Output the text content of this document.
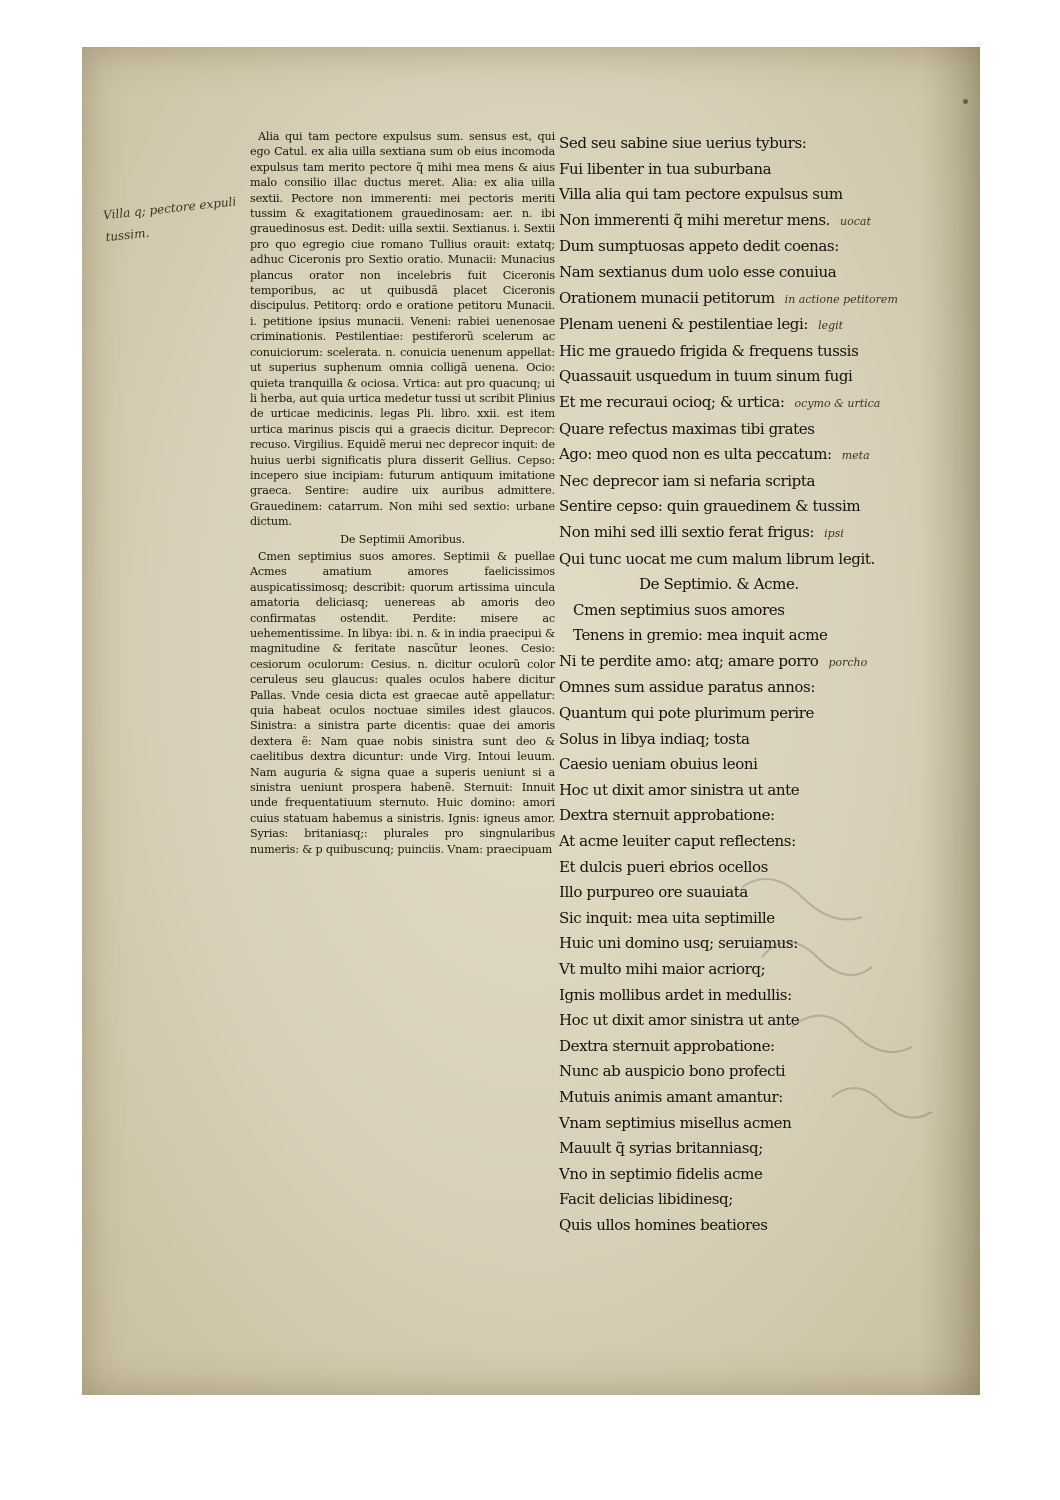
Villa q; pectore expuli tussim.

Alia qui tam pectore expulsus sum. sensus est, qui ego Catul. ex alia uilla sextiana sum ob eius incomoda expulsus tam merito pectore q̃ mihi mea mens & aius malo consilio illac ductus meret. Alia: ex alia uilla sextii. Pectore non immerenti: mei pectoris meriti tussim & exagitationem grauedinosam: aer. n. ibi grauedinosus est. Dedit: uilla sextii. Sextianus. i. Sextii pro quo egregio ciue romano Tullius orauit: extatq; adhuc Ciceronis pro Sextio oratio. Munacii: Munacius plancus orator non incelebris fuit Ciceronis temporibus, ac ut quibusdã placet Ciceronis discipulus. Petitorq: ordo e oratione petitoru Munacii. i. petitione ipsius munacii. Veneni: rabiei uenenosae criminationis. Pestilentiae: pestiferorũ scelerum ac conuiciorum: scelerata. n. conuicia uenenum appellat: ut superius suphenum omnia colligã uenena. Ocio: quieta tranquilla & ociosa. Vrtica: aut pro quacunq; ui li herba, aut quia urtica medetur tussi ut scribit Plinius de urticae medicinis. legas Pli. libro. xxii. est item urtica marinus piscis qui a graecis dicitur. Deprecor: recuso. Virgilius. Equidẽ merui nec deprecor inquit: de huius uerbi significatis plura disserit Gellius. Cepso: incepero siue incipiam: futurum antiquum imitatione graeca. Sentire: audire uix auribus admittere. Grauedinem: catarrum. Non mihi sed sextio: urbane dictum.

De Septimii Amoribus.

Cmen septimius suos amores. Septimii & puellae Acmes amatium amores faelicissimos auspicatissimosq; describit: quorum artissima uincula amatoria deliciasq; uenereas ab amoris deo confirmatas ostendit. Perdite: misere ac uehementissime. In libya: ibi. n. & in india praecipui & magnitudine & feritate nascũtur leones. Cesio: cesiorum oculorum: Cesius. n. dicitur oculorũ color ceruleus seu glaucus: quales oculos habere dicitur Pallas. Vnde cesia dicta est graecae autẽ appellatur: quia habeat oculos noctuae similes idest glaucos. Sinistra: a sinistra parte dicentis: quae dei amoris dextera ẽ: Nam quae nobis sinistra sunt deo & caelitibus dextra dicuntur: unde Virg. Intoui leuum. Nam auguria & signa quae a superis ueniunt si a sinistra ueniunt prospera habenẽ. Sternuit: Innuit unde frequentatiuum sternuto. Huic domino: amori cuius statuam habemus a sinistris. Ignis: igneus amor. Syrias: britaniasq;: plurales pro singnularibus numeris: & p quibuscunq; puinciis. Vnam: praecipuam

Sed seu sabine siue uerius tyburs:
Fui libenter in tua suburbana
Villa alia qui tam pectore expulsus sum
Non immerenti q̃ mihi meretur mens. uocat
Dum sumptuosas appeto dedit coenas:
Nam sextianus dum uolo esse conuiua
Orationem munacii petitorum in actione petitorem
Plenam ueneni & pestilentiae legi: legit
Hic me grauedo frigida & frequens tussis
Quassauit usquedum in tuum sinum fugi
Et me recuraui ocioq; & urtica: ocymo & urtica
Quare refectus maximas tibi grates
Ago: meo quod non es ulta peccatum: meta
Nec deprecor iam si nefaria scripta
Sentire cepso: quin grauedinem & tussim
Non mihi sed illi sextio ferat frigus: ipsi
Qui tunc uocat me cum malum librum legit.
De Septimio. & Acme.
Cmen septimius suos amores
Tenens in gremio: mea inquit acme
Ni te perdite amo: atq; amare porro porcho
Omnes sum assidue paratus annos:
Quantum qui pote plurimum perire
Solus in libya indiaq; tosta
Caesio ueniam obuius leoni
Hoc ut dixit amor sinistra ut ante
Dextra sternuit approbatione:
At acme leuiter caput reflectens:
Et dulcis pueri ebrios ocellos
Illo purpureo ore suauiata
Sic inquit: mea uita septimille
Huic uni domino usq; seruiamus:
Vt multo mihi maior acriorq;
Ignis mollibus ardet in medullis:
Hoc ut dixit amor sinistra ut ante
Dextra sternuit approbatione:
Nunc ab auspicio bono profecti
Mutuis animis amant amantur:
Vnam septimius misellus acmen
Mauult q̃ syrias britanniasq;
Vno in septimio fidelis acme
Facit delicias libidinesq;
Quis ullos homines beatiores
